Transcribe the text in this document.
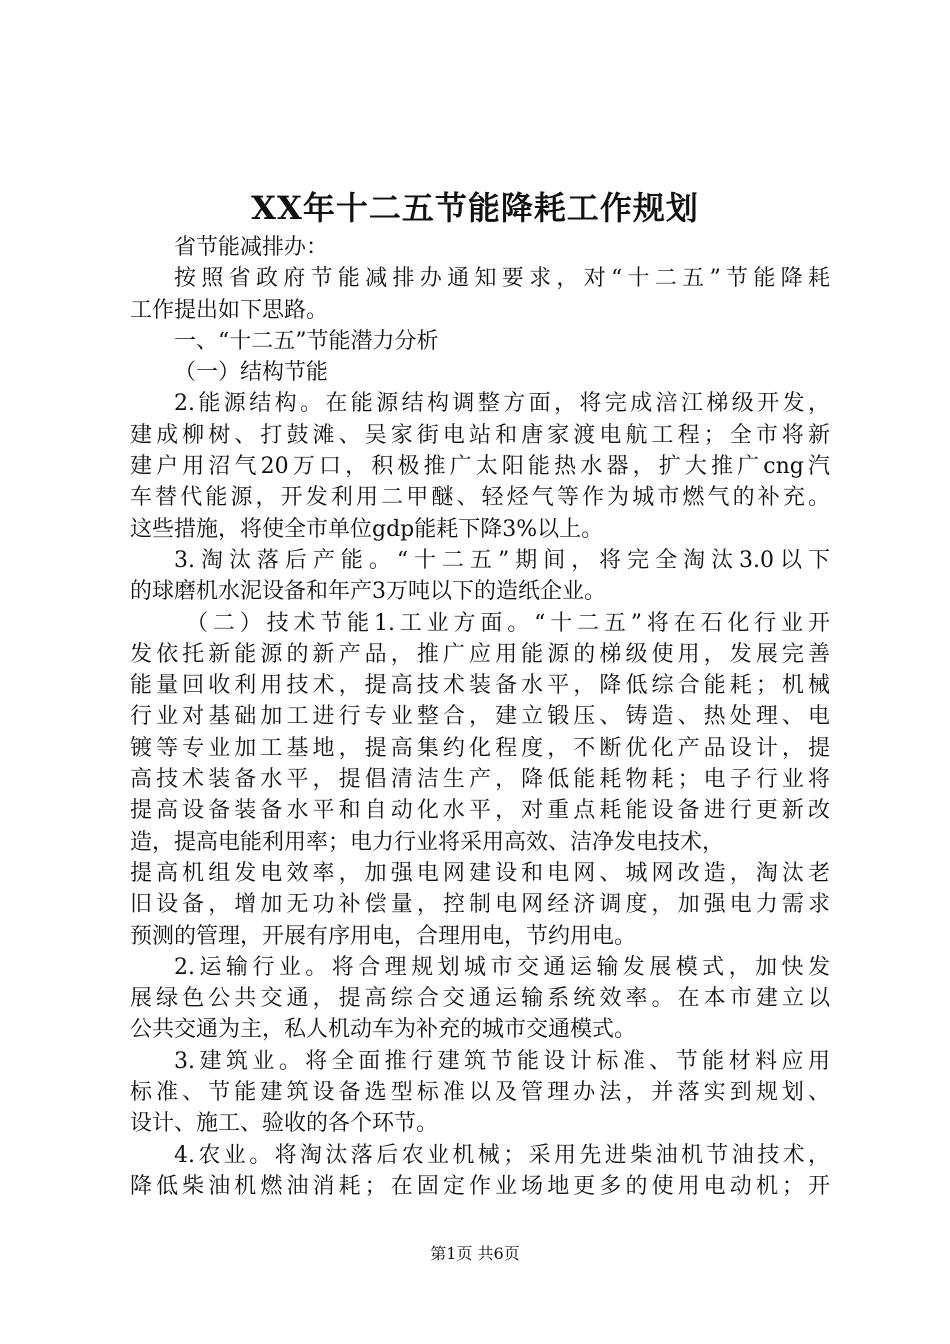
XX年十二五节能降耗工作规划
省节能减排办：
按照省政府节能减排办通知要求，对“十二五”节能降耗
工作提出如下思路。
一、“十二五”节能潜力分析
（一）结构节能
2.能源结构。在能源结构调整方面，将完成涪江梯级开发，
建成柳树、打鼓滩、吴家街电站和唐家渡电航工程；全市将新
建户用沼气20万口，积极推广太阳能热水器，扩大推广cng汽
车替代能源，开发利用二甲醚、轻烃气等作为城市燃气的补充。
这些措施，将使全市单位gdp能耗下降3%以上。
3.淘汰落后产能。“十二五”期间，将完全淘汰3.0以下
的球磨机水泥设备和年产3万吨以下的造纸企业。
（二）技术节能1.工业方面。“十二五”将在石化行业开
发依托新能源的新产品，推广应用能源的梯级使用，发展完善
能量回收利用技术，提高技术装备水平，降低综合能耗；机械
行业对基础加工进行专业整合，建立锻压、铸造、热处理、电
镀等专业加工基地，提高集约化程度，不断优化产品设计，提
高技术装备水平，提倡清洁生产，降低能耗物耗；电子行业将
提高设备装备水平和自动化水平，对重点耗能设备进行更新改
造，提高电能利用率；电力行业将采用高效、洁净发电技术，
提高机组发电效率，加强电网建设和电网、城网改造，淘汰老
旧设备，增加无功补偿量，控制电网经济调度，加强电力需求
预测的管理，开展有序用电，合理用电，节约用电。
2.运输行业。将合理规划城市交通运输发展模式，加快发
展绿色公共交通，提高综合交通运输系统效率。在本市建立以
公共交通为主，私人机动车为补充的城市交通模式。
3.建筑业。将全面推行建筑节能设计标准、节能材料应用
标准、节能建筑设备选型标准以及管理办法，并落实到规划、
设计、施工、验收的各个环节。
4.农业。将淘汰落后农业机械；采用先进柴油机节油技术，
降低柴油机燃油消耗；在固定作业场地更多的使用电动机；开
第1页 共6页
